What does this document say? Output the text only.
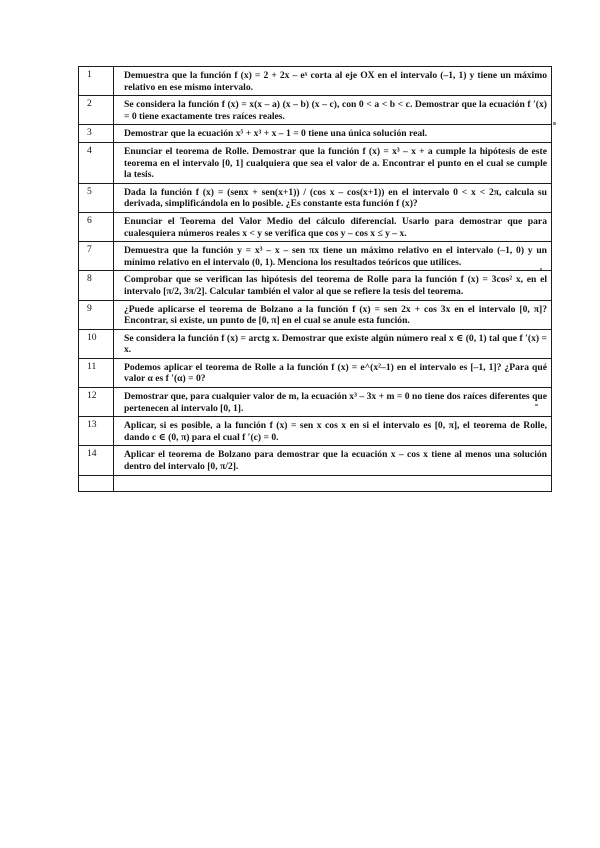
1	Demuestra que la función f (x) = 2 + 2x – eˣ corta al eje OX en el intervalo (–1, 1) y tiene un máximo relativo en ese mismo intervalo.
2	Se considera la función f (x) = x(x – a) (x – b) (x – c), con 0 < a < b < c. Demostrar que la ecuación f ′(x) = 0 tiene exactamente tres raíces reales.
3	Demostrar que la ecuación x⁵ + x³ + x – 1 = 0 tiene una única solución real.
4	Enunciar el teorema de Rolle. Demostrar que la función f (x) = x³ – x + a cumple la hipótesis de este teorema en el intervalo [0, 1] cualquiera que sea el valor de a. Encontrar el punto en el cual se cumple la tesis.
5	Dada la función f (x) = (senx + sen(x+1)) / (cos x – cos(x+1)) en el intervalo 0 < x < 2π, calcula su derivada, simplificándola en lo posible. ¿Es constante esta función f (x)?
6	Enunciar el Teorema del Valor Medio del cálculo diferencial. Usarlo para demostrar que para cualesquiera números reales x < y se verifica que cos y – cos x ≤ y – x.
7	Demuestra que la función y = x³ – x – sen πx tiene un máximo relativo en el intervalo (–1, 0) y un mínimo relativo en el intervalo (0, 1). Menciona los resultados teóricos que utilices.
8	Comprobar que se verifican las hipótesis del teorema de Rolle para la función f (x) = 3cos² x, en el intervalo [π/2, 3π/2]. Calcular también el valor al que se refiere la tesis del teorema.
9	¿Puede aplicarse el teorema de Bolzano a la función f (x) = sen 2x + cos 3x en el intervalo [0, π]? Encontrar, si existe, un punto de [0, π] en el cual se anule esta función.
10	Se considera la función f (x) = arctg x. Demostrar que existe algún número real x ∈ (0, 1) tal que f ′(x) = x.
11	Podemos aplicar el teorema de Rolle a la función f (x) = e^(x²–1) en el intervalo es [–1, 1]? ¿Para qué valor α es f ′(α) = 0?
12	Demostrar que, para cualquier valor de m, la ecuación x³ – 3x + m = 0 no tiene dos raíces diferentes que pertenecen al intervalo [0, 1].
13	Aplicar, si es posible, a la función f (x) = sen x cos x en si el intervalo es [0, π], el teorema de Rolle, dando c ∈ (0, π) para el cual f ′(c) = 0.
14	Aplicar el teorema de Bolzano para demostrar que la ecuación x – cos x tiene al menos una solución dentro del intervalo [0, π/2].
